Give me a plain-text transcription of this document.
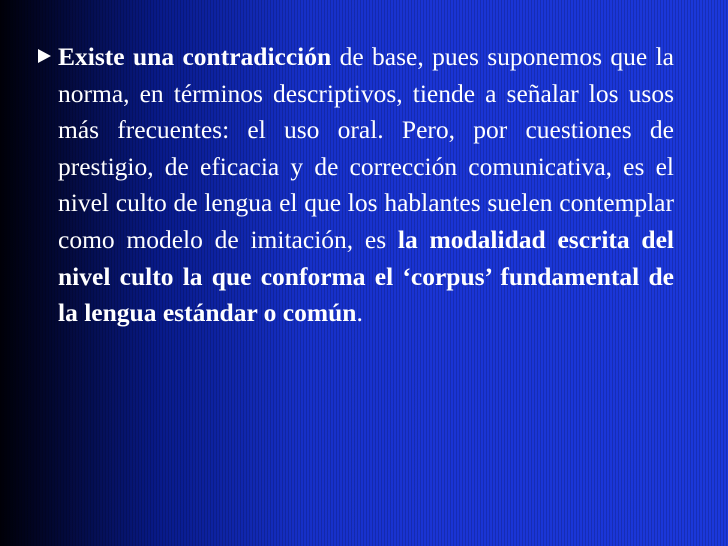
Existe una contradicción de base, pues suponemos que la norma, en términos descriptivos, tiende a señalar los usos más frecuentes: el uso oral. Pero, por cuestiones de prestigio, de eficacia y de corrección comunicativa, es el nivel culto de lengua el que los hablantes suelen contemplar como modelo de imitación, es la modalidad escrita del nivel culto la que conforma el ‘corpus’ fundamental de la lengua estándar o común.
